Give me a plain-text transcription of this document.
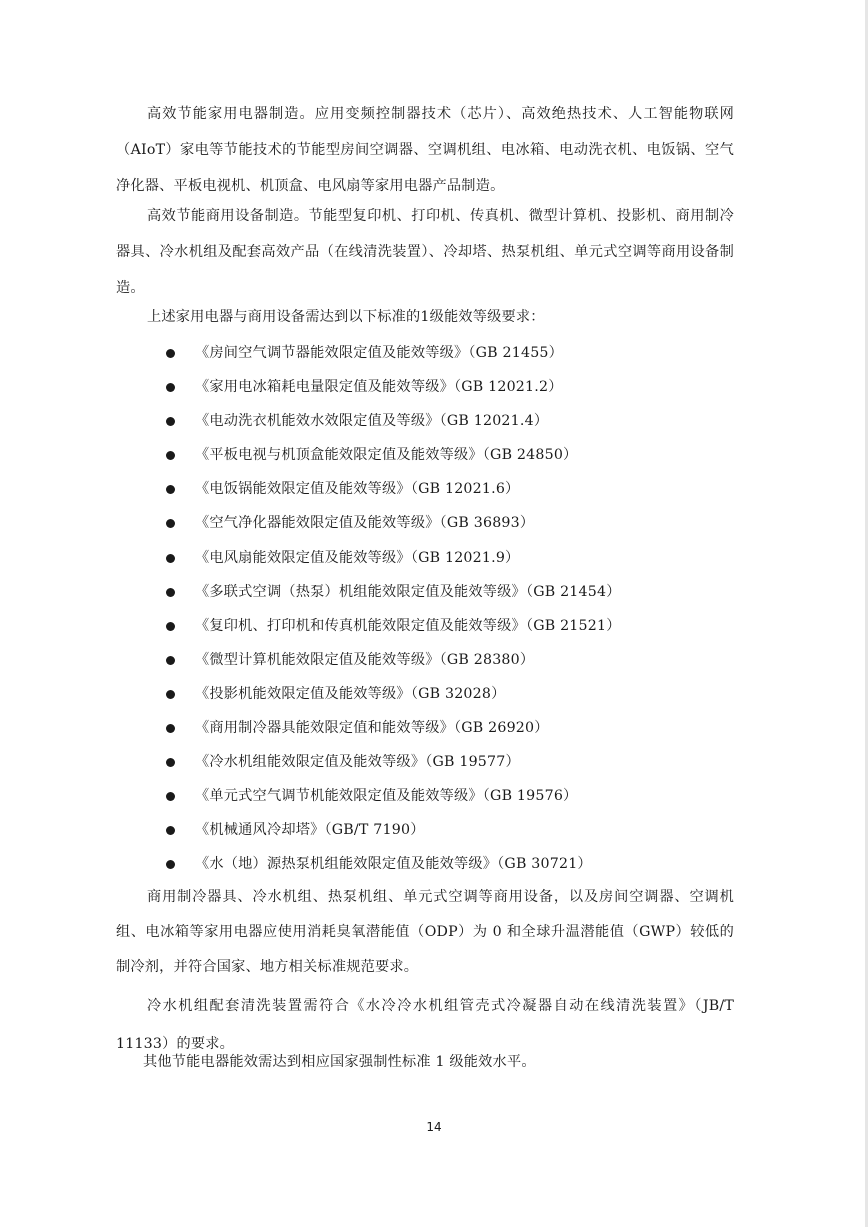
高效节能家用电器制造。应用变频控制器技术（芯片）、高效绝热技术、人工智能物联网（AIoT）家电等节能技术的节能型房间空调器、空调机组、电冰箱、电动洗衣机、电饭锅、空气净化器、平板电视机、机顶盒、电风扇等家用电器产品制造。

高效节能商用设备制造。节能型复印机、打印机、传真机、微型计算机、投影机、商用制冷器具、冷水机组及配套高效产品（在线清洗装置）、冷却塔、热泵机组、单元式空调等商用设备制造。

上述家用电器与商用设备需达到以下标准的1级能效等级要求：

《房间空气调节器能效限定值及能效等级》（GB 21455）
《家用电冰箱耗电量限定值及能效等级》（GB 12021.2）
《电动洗衣机能效水效限定值及等级》（GB 12021.4）
《平板电视与机顶盒能效限定值及能效等级》（GB 24850）
《电饭锅能效限定值及能效等级》（GB 12021.6）
《空气净化器能效限定值及能效等级》（GB 36893）
《电风扇能效限定值及能效等级》（GB 12021.9）
《多联式空调（热泵）机组能效限定值及能效等级》（GB 21454）
《复印机、打印机和传真机能效限定值及能效等级》（GB 21521）
《微型计算机能效限定值及能效等级》（GB 28380）
《投影机能效限定值及能效等级》（GB 32028）
《商用制冷器具能效限定值和能效等级》（GB 26920）
《冷水机组能效限定值及能效等级》（GB 19577）
《单元式空气调节机能效限定值及能效等级》（GB 19576）
《机械通风冷却塔》（GB/T 7190）
《水（地）源热泵机组能效限定值及能效等级》（GB 30721）

商用制冷器具、冷水机组、热泵机组、单元式空调等商用设备，以及房间空调器、空调机组、电冰箱等家用电器应使用消耗臭氧潜能值（ODP）为 0 和全球升温潜能值（GWP）较低的制冷剂，并符合国家、地方相关标准规范要求。

冷水机组配套清洗装置需符合《水冷冷水机组管壳式冷凝器自动在线清洗装置》（JB/T 11133）的要求。

其他节能电器能效需达到相应国家强制性标准 1 级能效水平。

14
